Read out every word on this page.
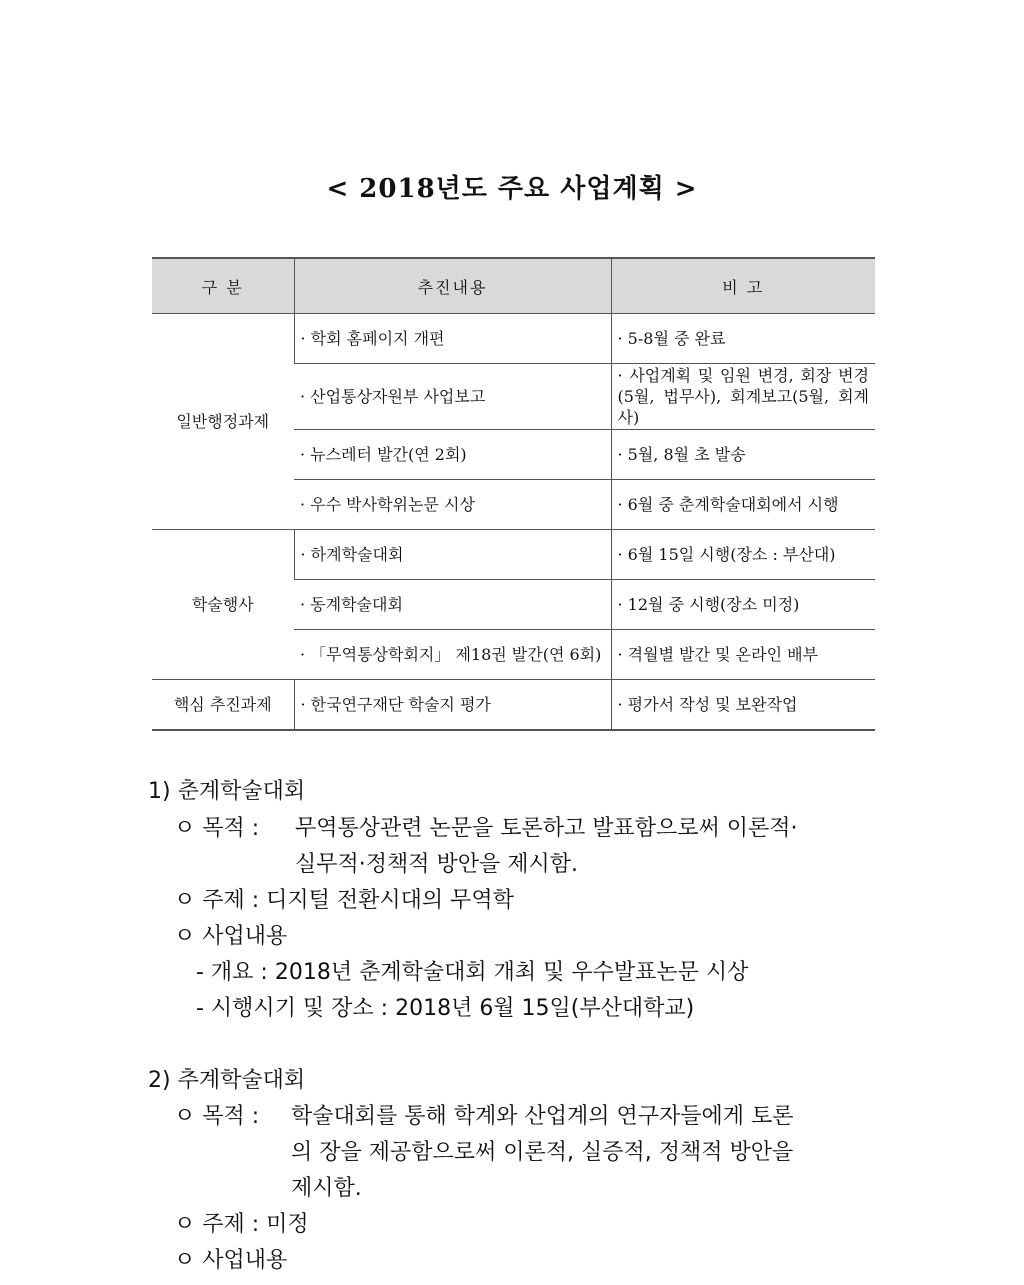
< 2018년도 주요 사업계획 >
구 분	추진내용	비 고
일반행정과제	· 학회 홈페이지 개편	· 5-8월 중 완료
	· 산업통상자원부 사업보고	· 사업계획 및 임원 변경, 회장 변경(5월, 법무사), 회계보고(5월, 회계사)
	· 뉴스레터 발간(연 2회)	· 5월, 8월 초 발송
	· 우수 박사학위논문 시상	· 6월 중 춘계학술대회에서 시행
학술행사	· 하계학술대회	· 6월 15일 시행(장소 : 부산대)
	· 동계학술대회	· 12월 중 시행(장소 미정)
	· 「무역통상학회지」 제18권 발간(연 6회)	· 격월별 발간 및 온라인 배부
핵심 추진과제	· 한국연구재단 학술지 평가	· 평가서 작성 및 보완작업
1) 춘계학술대회
ㅇ 목적 : 무역통상관련 논문을 토론하고 발표함으로써 이론적·
실무적·정책적 방안을 제시함.
ㅇ 주제 : 디지털 전환시대의 무역학
ㅇ 사업내용
- 개요 : 2018년 춘계학술대회 개최 및 우수발표논문 시상
- 시행시기 및 장소 : 2018년 6월 15일(부산대학교)
2) 추계학술대회
ㅇ 목적 : 학술대회를 통해 학계와 산업계의 연구자들에게 토론
의 장을 제공함으로써 이론적, 실증적, 정책적 방안을
제시함.
ㅇ 주제 : 미정
ㅇ 사업내용
